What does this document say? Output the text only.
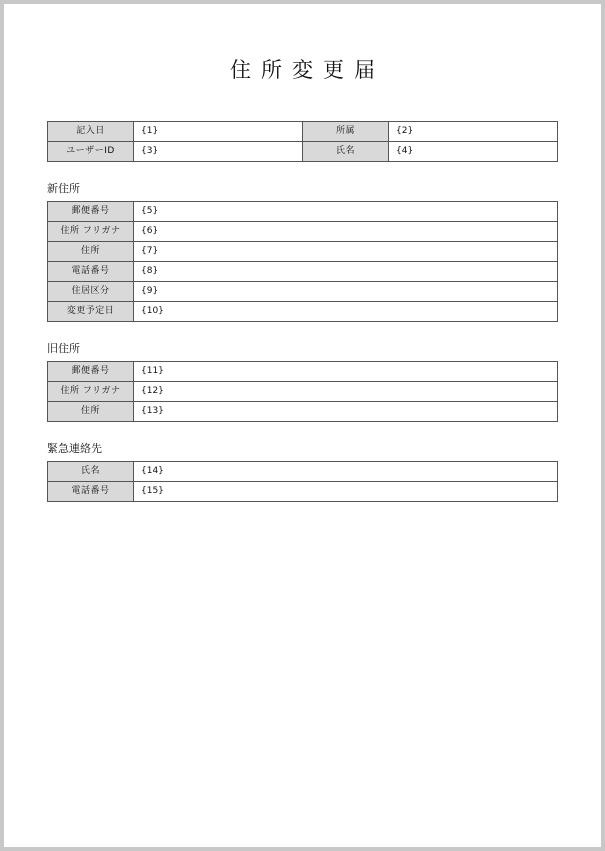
住所変更届
記入日	{1}	所属	{2}
ユーザーID	{3}	氏名	{4}
新住所
郵便番号	{5}
住所 フリガナ	{6}
住所	{7}
電話番号	{8}
住居区分	{9}
変更予定日	{10}
旧住所
郵便番号	{11}
住所 フリガナ	{12}
住所	{13}
緊急連絡先
氏名	{14}
電話番号	{15}
